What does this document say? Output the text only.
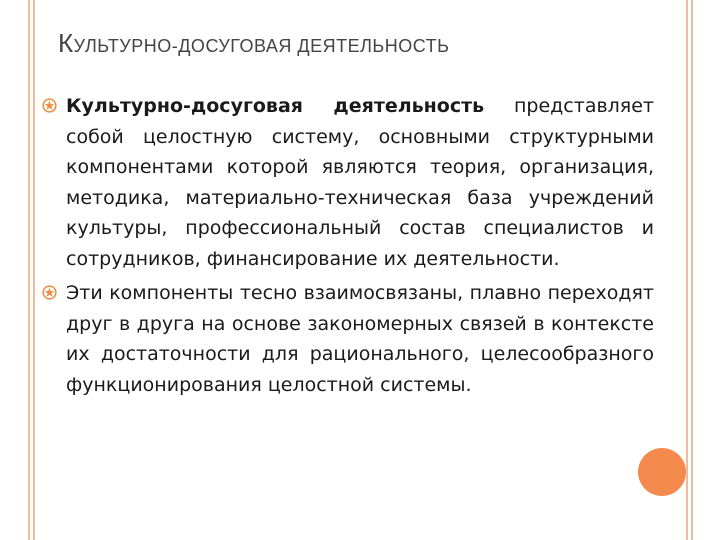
КУЛЬТУРНО-ДОСУГОВАЯ ДЕЯТЕЛЬНОСТЬ
Культурно-досуговая деятельность представляет собой целостную систему, основными структурными компонентами которой являются теория, организация, методика, материально-техническая база учреждений культуры, профессиональный состав специалистов и сотрудников, финансирование их деятельности.
Эти компоненты тесно взаимосвязаны, плавно переходят друг в друга на основе закономерных связей в контексте их достаточности для рационального, целесообразного функционирования целостной системы.
